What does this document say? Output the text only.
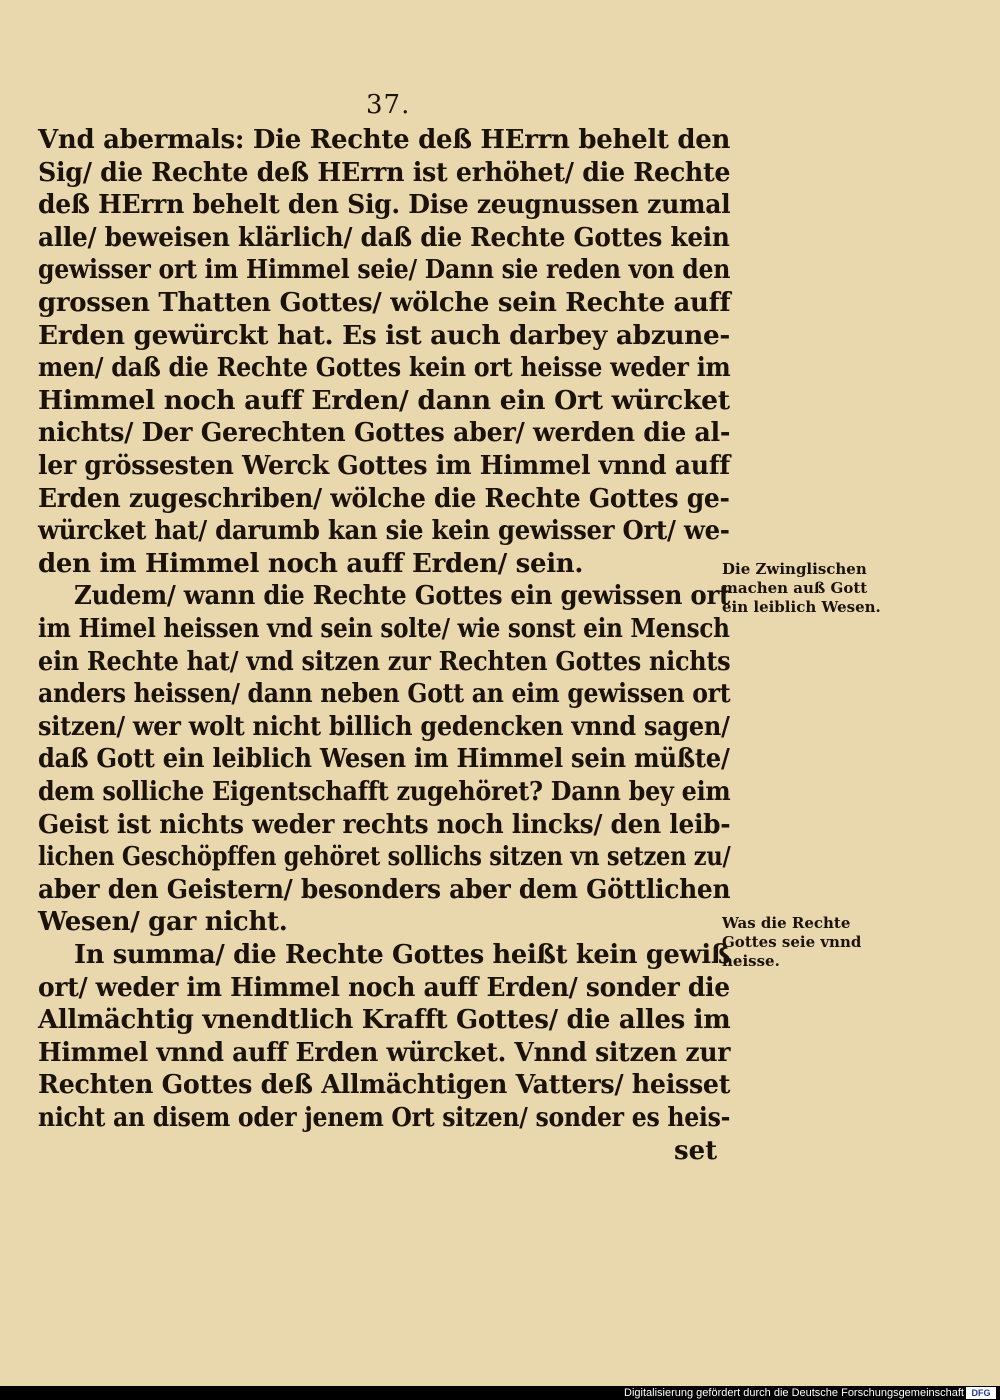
37.
Vnd abermals: Die Rechte deß HErrn behelt den
Sig/ die Rechte deß HErrn ist erhöhet/ die Rechte
deß HErrn behelt den Sig. Dise zeugnussen zumal
alle/ beweisen klärlich/ daß die Rechte Gottes kein
gewisser ort im Himmel seie/ Dann sie reden von den
grossen Thatten Gottes/ wölche sein Rechte auff
Erden gewürckt hat. Es ist auch darbey abzune-
men/ daß die Rechte Gottes kein ort heisse weder im
Himmel noch auff Erden/ dann ein Ort würcket
nichts/ Der Gerechten Gottes aber/ werden die al-
ler grössesten Werck Gottes im Himmel vnnd auff
Erden zugeschriben/ wölche die Rechte Gottes ge-
würcket hat/ darumb kan sie kein gewisser Ort/ we-
den im Himmel noch auff Erden/ sein.
Zudem/ wann die Rechte Gottes ein gewissen ort
im Himel heissen vnd sein solte/ wie sonst ein Mensch
ein Rechte hat/ vnd sitzen zur Rechten Gottes nichts
anders heissen/ dann neben Gott an eim gewissen ort
sitzen/ wer wolt nicht billich gedencken vnnd sagen/
daß Gott ein leiblich Wesen im Himmel sein müßte/
dem solliche Eigentschafft zugehöret? Dann bey eim
Geist ist nichts weder rechts noch lincks/ den leib-
lichen Geschöpffen gehöret sollichs sitzen vn setzen zu/
aber den Geistern/ besonders aber dem Göttlichen
Wesen/ gar nicht.
In summa/ die Rechte Gottes heißt kein gewiß
ort/ weder im Himmel noch auff Erden/ sonder die
Allmächtig vnendtlich Krafft Gottes/ die alles im
Himmel vnnd auff Erden würcket. Vnnd sitzen zur
Rechten Gottes deß Allmächtigen Vatters/ heisset
nicht an disem oder jenem Ort sitzen/ sonder es heis-
Die Zwinglischen
machen auß Gott
ein leiblich Wesen.
Was die Rechte
Gottes seie vnnd
heisse.
set
Digitalisierung gefördert durch die Deutsche Forschungsgemeinschaft DFG
